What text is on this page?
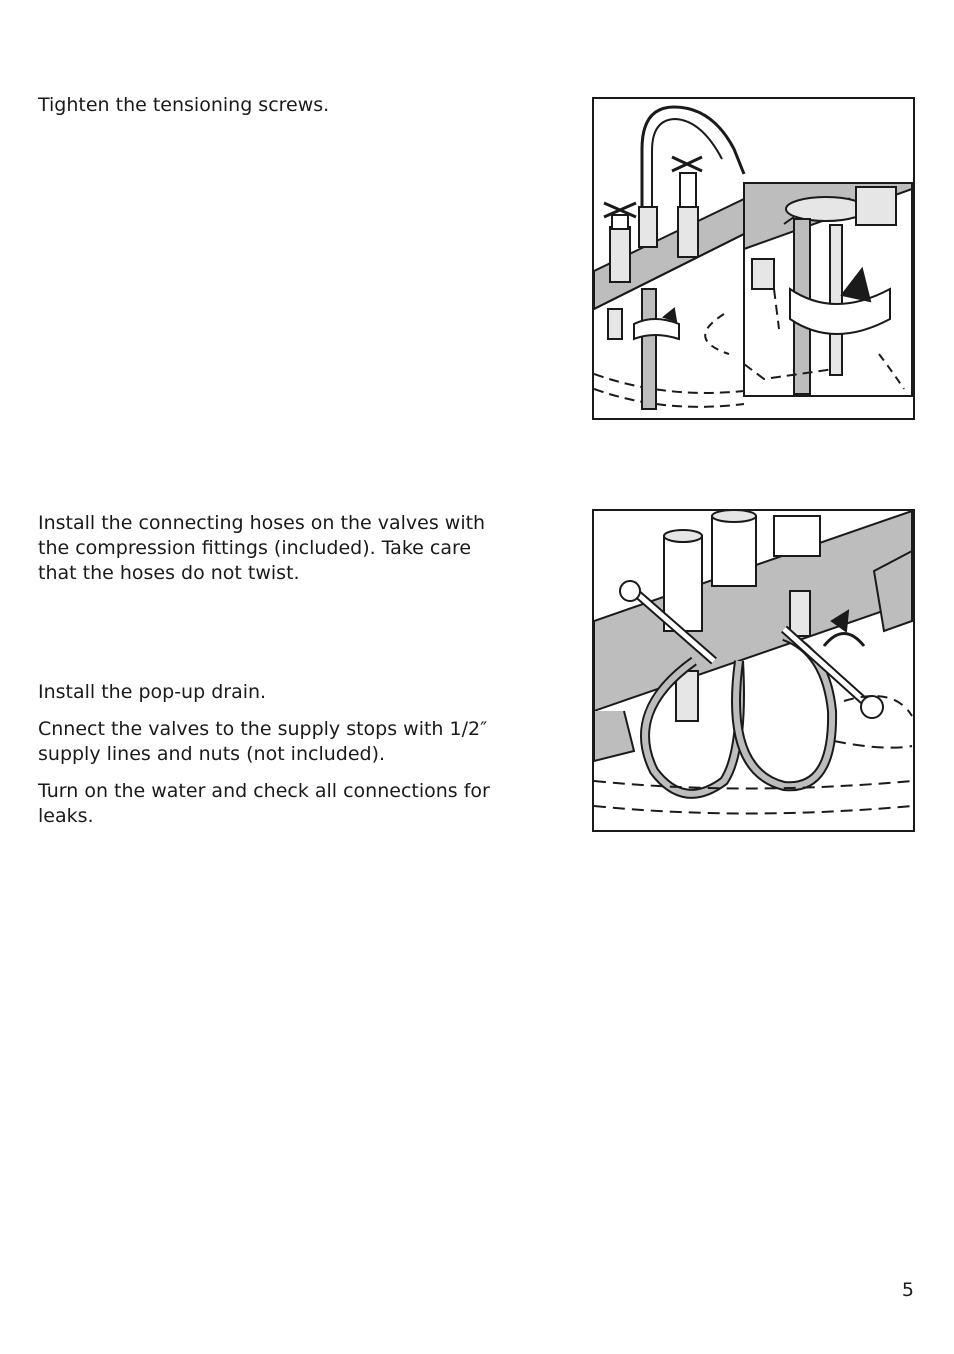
Tighten the tensioning screws.

Install the connecting hoses on the valves with the compression fittings (included). Take care that the hoses do not twist.

Install the pop-up drain.

Cnnect the valves to the supply stops with 1/2″ supply lines and nuts (not included).

Turn on the water and check all connections for leaks.

5
